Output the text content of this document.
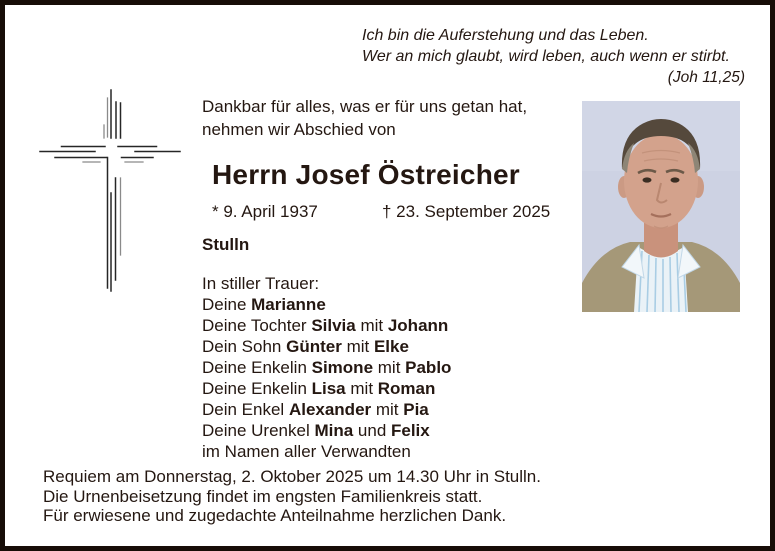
Ich bin die Auferstehung und das Leben.
Wer an mich glaubt, wird leben, auch wenn er stirbt.
(Joh 11,25)
Dankbar für alles, was er für uns getan hat,
nehmen wir Abschied von
Herrn Josef Östreicher
* 9. April 1937	† 23. September 2025
Stulln
In stiller Trauer:
Deine Marianne
Deine Tochter Silvia mit Johann
Dein Sohn Günter mit Elke
Deine Enkelin Simone mit Pablo
Deine Enkelin Lisa mit Roman
Dein Enkel Alexander mit Pia
Deine Urenkel Mina und Felix
im Namen aller Verwandten
Requiem am Donnerstag, 2. Oktober 2025 um 14.30 Uhr in Stulln.
Die Urnenbeisetzung findet im engsten Familienkreis statt.
Für erwiesene und zugedachte Anteilnahme herzlichen Dank.
